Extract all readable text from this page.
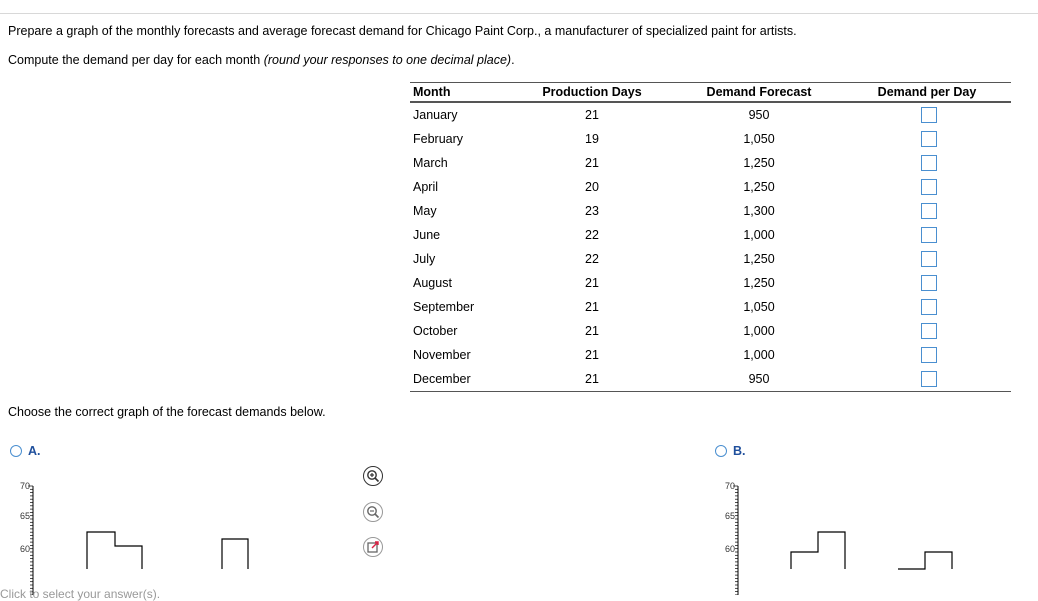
Prepare a graph of the monthly forecasts and average forecast demand for Chicago Paint Corp., a manufacturer of specialized paint for artists.
Compute the demand per day for each month (round your responses to one decimal place).
Month	Production Days	Demand Forecast	Demand per Day
January	21	950	
February	19	1,050	
March	21	1,250	
April	20	1,250	
May	23	1,300	
June	22	1,000	
July	22	1,250	
August	21	1,250	
September	21	1,050	
October	21	1,000	
November	21	1,000	
December	21	950	
Choose the correct graph of the forecast demands below.
A.
70
65
60
B.
70
65
60
Click to select your answer(s).
